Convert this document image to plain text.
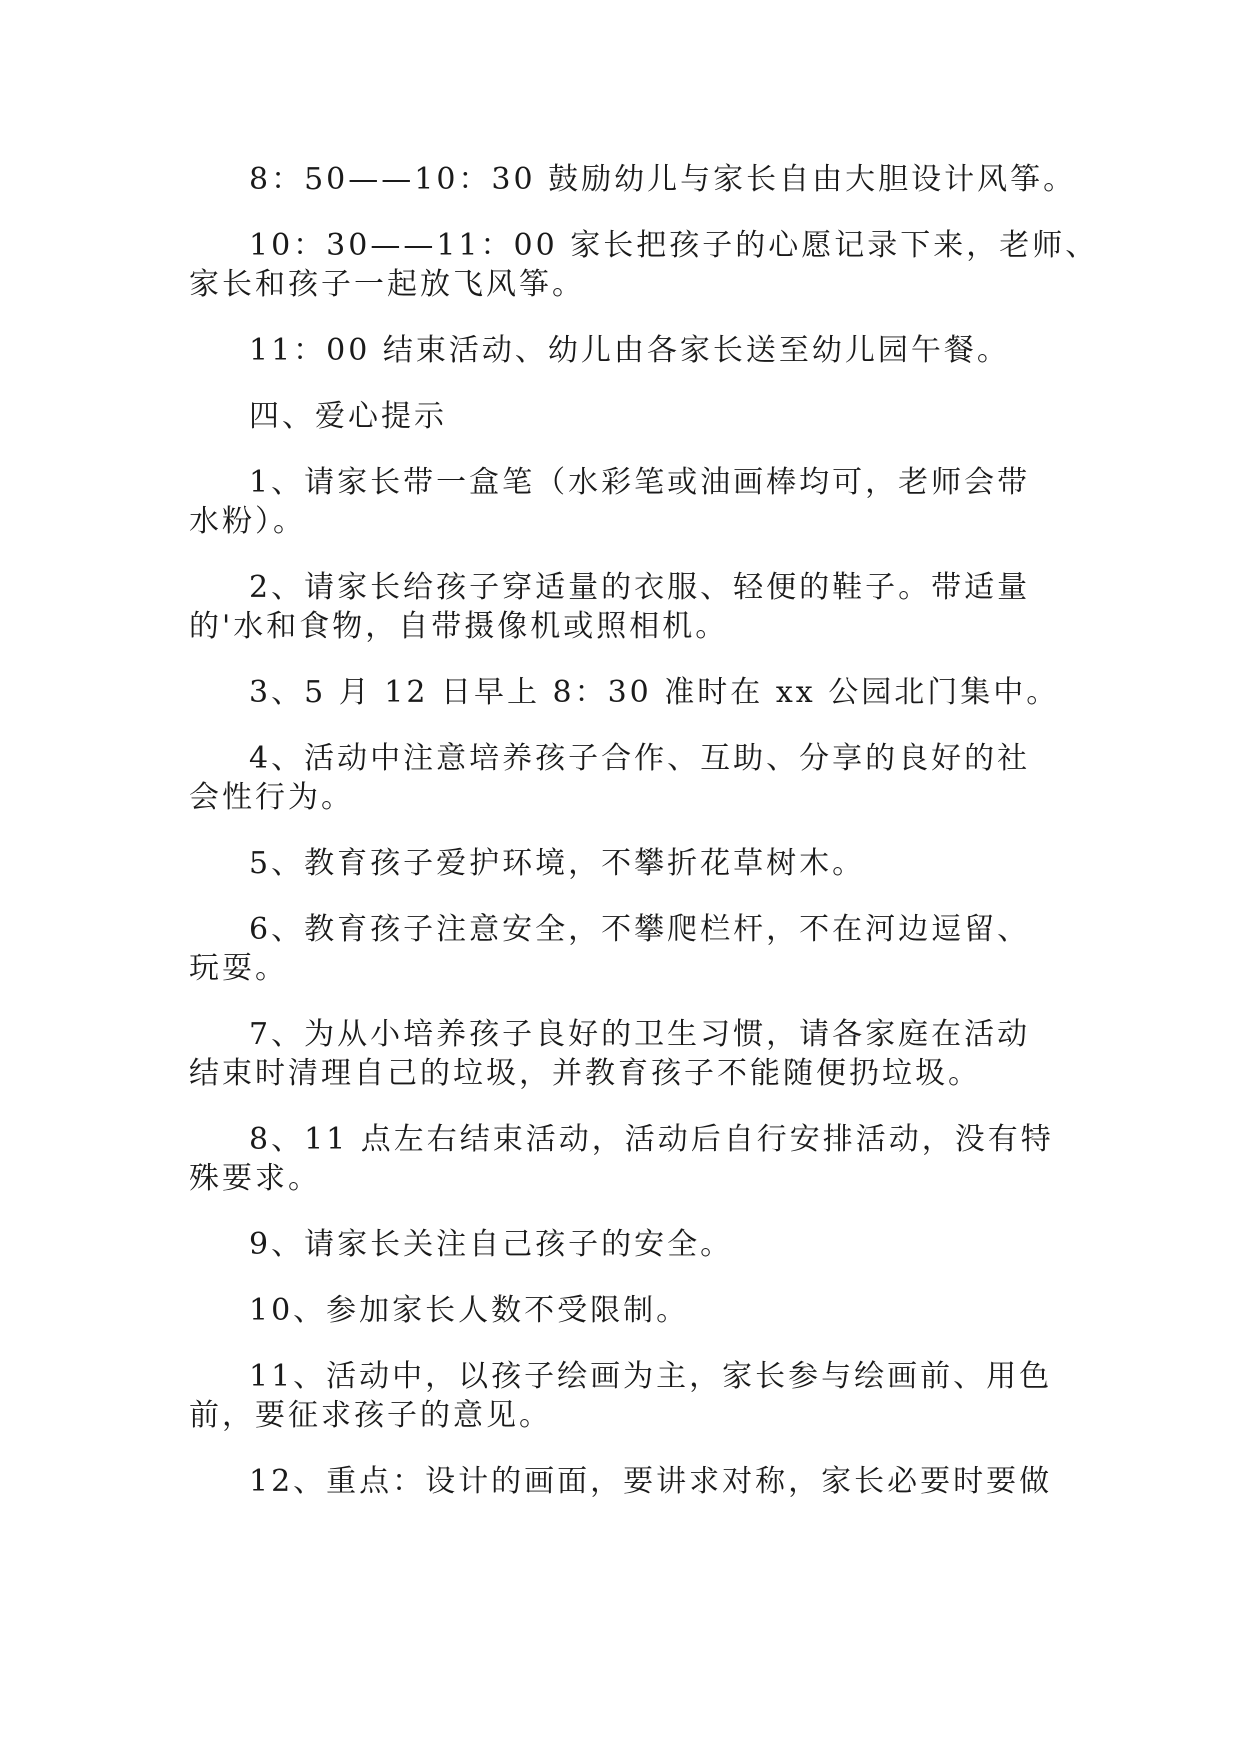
8：50——10：30 鼓励幼儿与家长自由大胆设计风筝。
10：30——11：00 家长把孩子的心愿记录下来，老师、
家长和孩子一起放飞风筝。
11：00 结束活动、幼儿由各家长送至幼儿园午餐。
四、爱心提示
1、请家长带一盒笔（水彩笔或油画棒均可，老师会带
水粉）。
2、请家长给孩子穿适量的衣服、轻便的鞋子。带适量
的'水和食物，自带摄像机或照相机。
3、5 月 12 日早上 8：30 准时在 xx 公园北门集中。
4、活动中注意培养孩子合作、互助、分享的良好的社
会性行为。
5、教育孩子爱护环境，不攀折花草树木。
6、教育孩子注意安全，不攀爬栏杆，不在河边逗留、
玩耍。
7、为从小培养孩子良好的卫生习惯，请各家庭在活动
结束时清理自己的垃圾，并教育孩子不能随便扔垃圾。
8、11 点左右结束活动，活动后自行安排活动，没有特
殊要求。
9、请家长关注自己孩子的安全。
10、参加家长人数不受限制。
11、活动中，以孩子绘画为主，家长参与绘画前、用色
前，要征求孩子的意见。
12、重点：设计的画面，要讲求对称，家长必要时要做
